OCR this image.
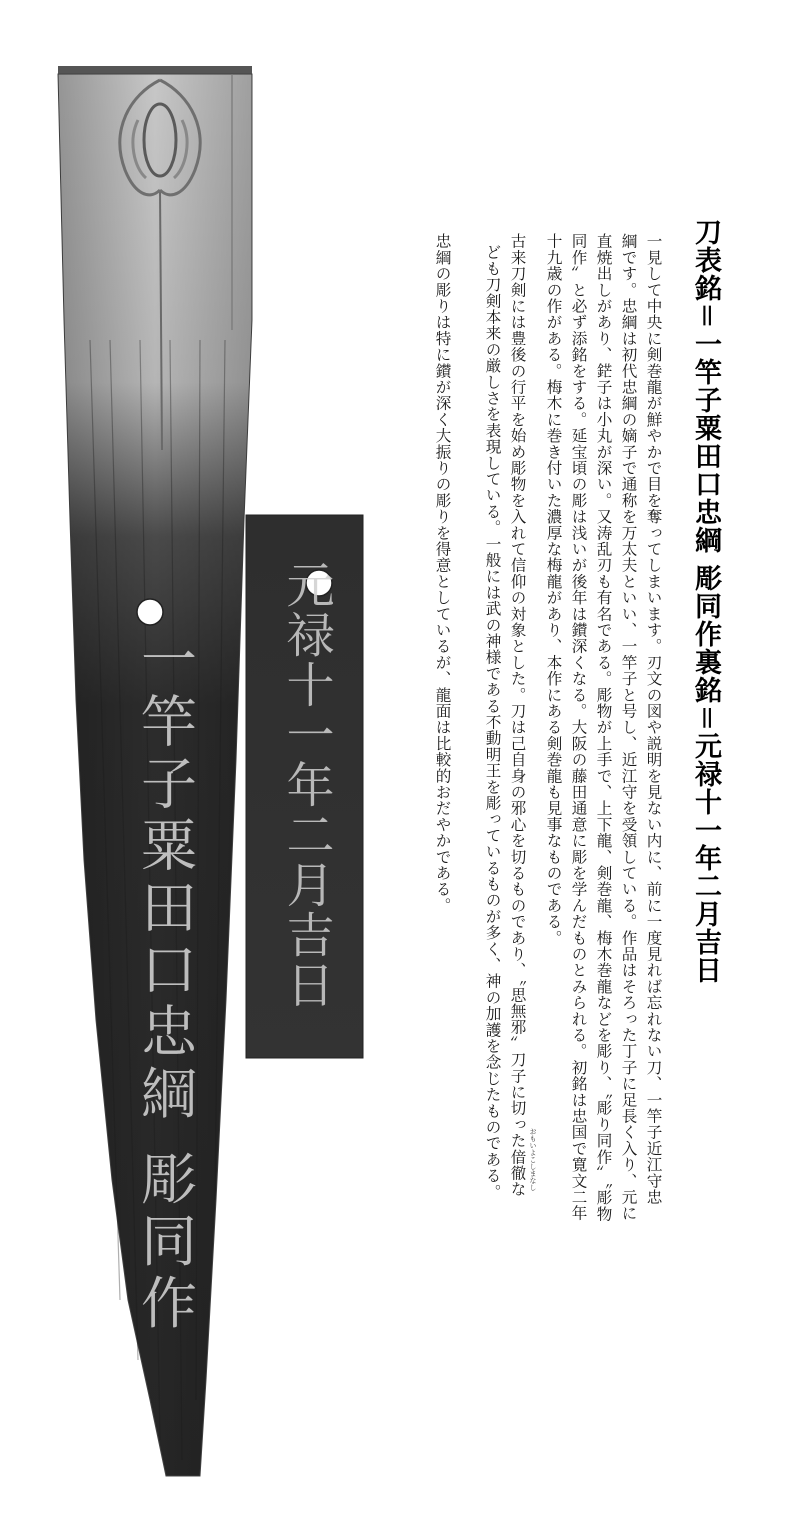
一竿子粟田口忠綱 彫同作 元禄十一年二月吉日
刀表銘＝一竿子粟田口忠綱 彫同作裏銘＝元禄十一年二月吉日
一見して中央に剣巻龍が鮮やかで目を奪ってしまいます。刃文の図や説明を見ない内に、前に一度見れば忘れない刀、一竿子近江守忠
綱です。忠綱は初代忠綱の嫡子で通称を万太夫といい、一竿子と号し、近江守を受領している。作品はそろった丁子に足長く入り、元に
直焼出しがあり、鋩子は小丸が深い。又涛乱刃も有名である。彫物が上手で、上下龍、剣巻龍、梅木巻龍などを彫り、〝彫り同作〟〝彫物
同作〟と必ず添銘をする。延宝頃の彫は浅いが後年は鑚深くなる。大阪の藤田通意に彫を学んだものとみられる。初銘は忠国で寛文二年
十九歳の作がある。梅木に巻き付いた濃厚な梅龍があり、本作にある剣巻龍も見事なものである。
古来刀剣には豊後の行平を始め彫物を入れて信仰の対象とした。刀は己自身の邪心を切るものであり、〝思無邪〟刀子に切った偣徹な
ども刀剣本来の厳しさを表現している。一般には武の神様である不動明王を彫っているものが多く、神の加護を念じたものである。
忠綱の彫りは特に鑚が深く大振りの彫りを得意としているが、龍面は比較的おだやかである。
おもいよこしまなし
